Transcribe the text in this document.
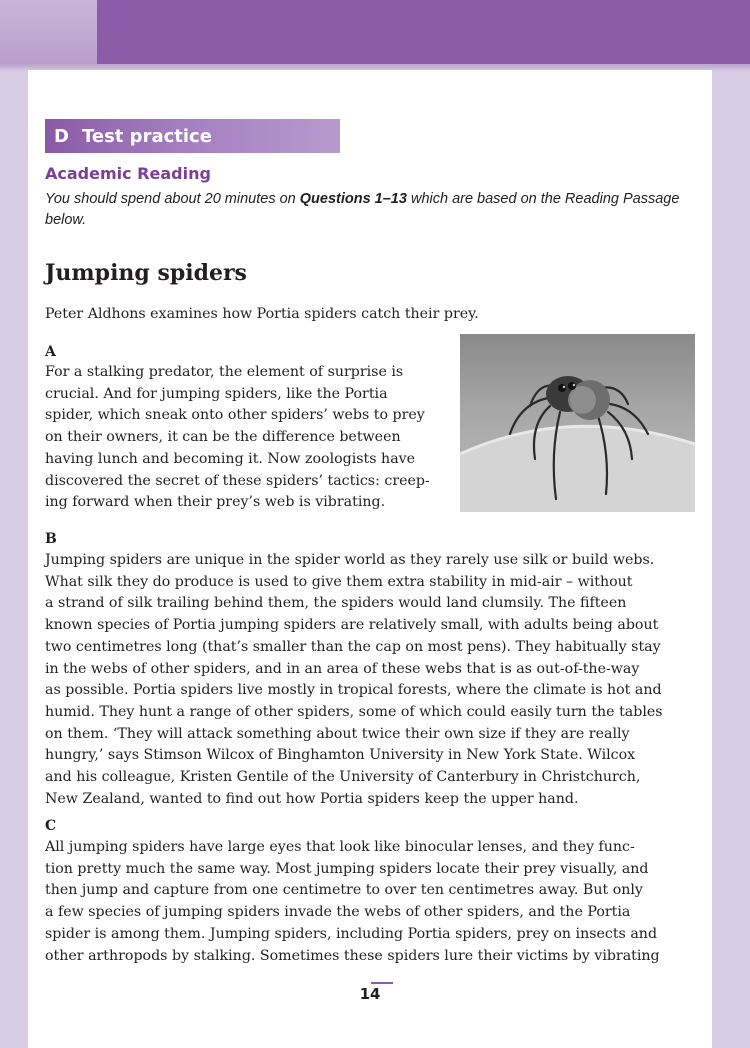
D Test practice
Academic Reading
You should spend about 20 minutes on Questions 1–13 which are based on the Reading Passage below.
Jumping spiders
Peter Aldhons examines how Portia spiders catch their prey.
A
For a stalking predator, the element of surprise is
crucial. And for jumping spiders, like the Portia
spider, which sneak onto other spiders’ webs to prey
on their owners, it can be the difference between
having lunch and becoming it. Now zoologists have
discovered the secret of these spiders’ tactics: creep-
ing forward when their prey’s web is vibrating.
B
Jumping spiders are unique in the spider world as they rarely use silk or build webs.
What silk they do produce is used to give them extra stability in mid-air – without
a strand of silk trailing behind them, the spiders would land clumsily. The fifteen
known species of Portia jumping spiders are relatively small, with adults being about
two centimetres long (that’s smaller than the cap on most pens). They habitually stay
in the webs of other spiders, and in an area of these webs that is as out-of-the-way
as possible. Portia spiders live mostly in tropical forests, where the climate is hot and
humid. They hunt a range of other spiders, some of which could easily turn the tables
on them. ‘They will attack something about twice their own size if they are really
hungry,’ says Stimson Wilcox of Binghamton University in New York State. Wilcox
and his colleague, Kristen Gentile of the University of Canterbury in Christchurch,
New Zealand, wanted to find out how Portia spiders keep the upper hand.
C
All jumping spiders have large eyes that look like binocular lenses, and they func-
tion pretty much the same way. Most jumping spiders locate their prey visually, and
then jump and capture from one centimetre to over ten centimetres away. But only
a few species of jumping spiders invade the webs of other spiders, and the Portia
spider is among them. Jumping spiders, including Portia spiders, prey on insects and
other arthropods by stalking. Sometimes these spiders lure their victims by vibrating
14
